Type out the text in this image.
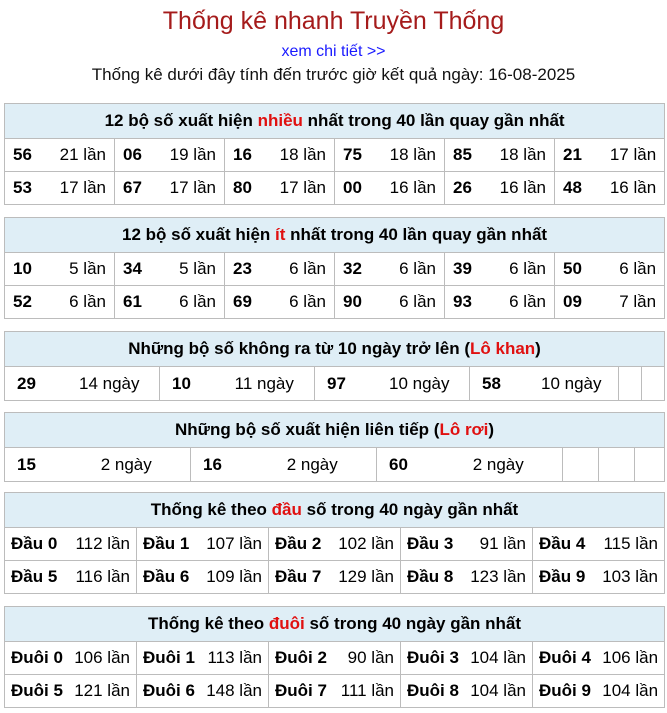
Thống kê nhanh Truyền Thống
xem chi tiết >>
Thống kê dưới đây tính đến trước giờ kết quả ngày: 16-08-2025
12 bộ số xuất hiện nhiều nhất trong 40 lần quay gần nhất											
56	21 lần	06	19 lần	16	18 lần	75	18 lần	85	18 lần	21	17 lần
53	17 lần	67	17 lần	80	17 lần	00	16 lần	26	16 lần	48	16 lần
12 bộ số xuất hiện ít nhất trong 40 lần quay gần nhất											
10	5 lần	34	5 lần	23	6 lần	32	6 lần	39	6 lần	50	6 lần
52	6 lần	61	6 lần	69	6 lần	90	6 lần	93	6 lần	09	7 lần
Những bộ số không ra từ 10 ngày trở lên (Lô khan)
29	14 ngày	10	11 ngày	97	10 ngày	58	10 ngày		
Những bộ số xuất hiện liên tiếp (Lô rơi)
15	2 ngày	16	2 ngày	60	2 ngày			
Thống kê theo đầu số trong 40 ngày gần nhất									
Đầu 0	112 lần	Đầu 1	107 lần	Đầu 2	102 lần	Đầu 3	91 lần	Đầu 4	115 lần
Đầu 5	116 lần	Đầu 6	109 lần	Đầu 7	129 lần	Đầu 8	123 lần	Đầu 9	103 lần
Thống kê theo đuôi số trong 40 ngày gần nhất									
Đuôi 0	106 lần	Đuôi 1	113 lần	Đuôi 2	90 lần	Đuôi 3	104 lần	Đuôi 4	106 lần
Đuôi 5	121 lần	Đuôi 6	148 lần	Đuôi 7	111 lần	Đuôi 8	104 lần	Đuôi 9	104 lần
